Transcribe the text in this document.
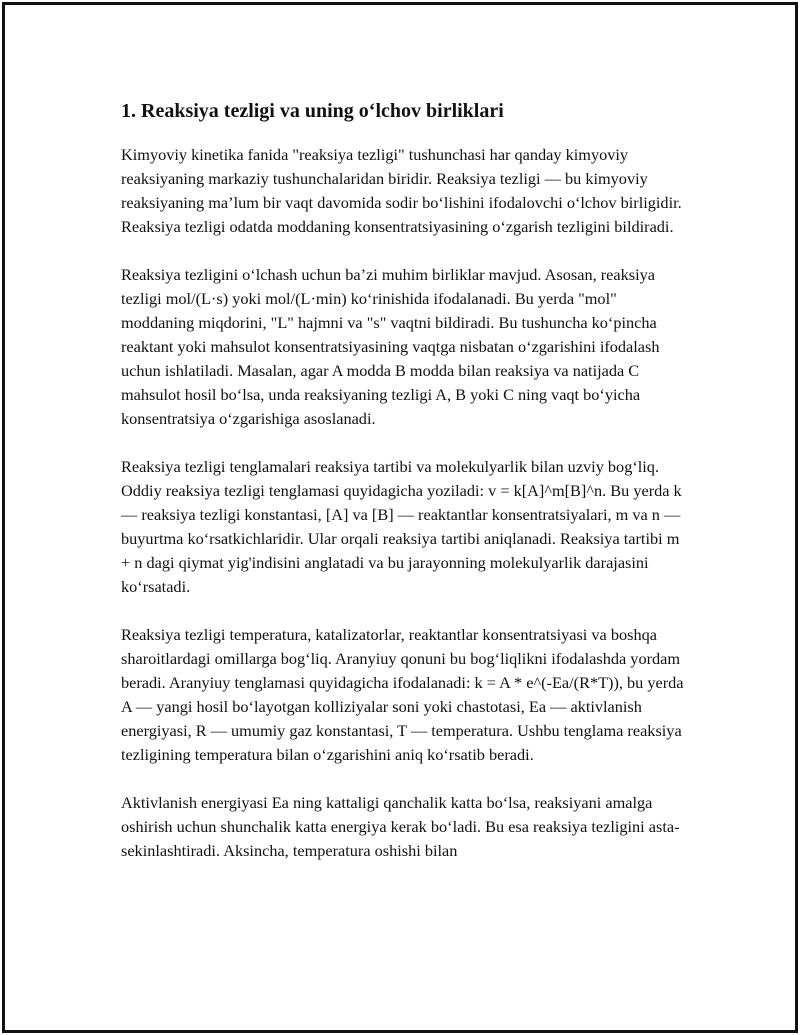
1. Reaksiya tezligi va uning o‘lchov birliklari

Kimyoviy kinetika fanida "reaksiya tezligi" tushunchasi har qanday kimyoviy reaksiyaning markaziy tushunchalaridan biridir. Reaksiya tezligi — bu kimyoviy reaksiyaning ma’lum bir vaqt davomida sodir bo‘lishini ifodalovchi o‘lchov birligidir. Reaksiya tezligi odatda moddaning konsentratsiyasining o‘zgarish tezligini bildiradi.

Reaksiya tezligini o‘lchash uchun ba’zi muhim birliklar mavjud. Asosan, reaksiya tezligi mol/(L·s) yoki mol/(L·min) ko‘rinishida ifodalanadi. Bu yerda "mol" moddaning miqdorini, "L" hajmni va "s" vaqtni bildiradi. Bu tushuncha ko‘pincha reaktant yoki mahsulot konsentratsiyasining vaqtga nisbatan o‘zgarishini ifodalash uchun ishlatiladi. Masalan, agar A modda B modda bilan reaksiya va natijada C mahsulot hosil bo‘lsa, unda reaksiyaning tezligi A, B yoki C ning vaqt bo‘yicha konsentratsiya o‘zgarishiga asoslanadi.

Reaksiya tezligi tenglamalari reaksiya tartibi va molekulyarlik bilan uzviy bog‘liq. Oddiy reaksiya tezligi tenglamasi quyidagicha yoziladi: v = k[A]^m[B]^n. Bu yerda k — reaksiya tezligi konstantasi, [A] va [B] — reaktantlar konsentratsiyalari, m va n — buyurtma ko‘rsatkichlaridir. Ular orqali reaksiya tartibi aniqlanadi. Reaksiya tartibi m + n dagi qiymat yig'indisini anglatadi va bu jarayonning molekulyarlik darajasini ko‘rsatadi.

Reaksiya tezligi temperatura, katalizatorlar, reaktantlar konsentratsiyasi va boshqa sharoitlardagi omillarga bog‘liq. Aranyiuy qonuni bu bog‘liqliknі ifodalashda yordam beradi. Aranyiuy tenglamasi quyidagicha ifodalanadi: k = A * e^(-Ea/(R*T)), bu yerda A — yangi hosil bo‘layotgan kolliziyalar soni yoki chastotasi, Ea — aktivlanish energiyasi, R — umumiy gaz konstantasi, T — temperatura. Ushbu tenglama reaksiya tezligining temperatura bilan o‘zgarishini aniq ko‘rsatib beradi.

Aktivlanish energiyasi Ea ning kattaligi qanchalik katta bo‘lsa, reaksiyani amalga oshirish uchun shunchalik katta energiya kerak bo‘ladi. Bu esa reaksiya tezligini asta-sekinlashtiradi. Aksincha, temperatura oshishi bilan
